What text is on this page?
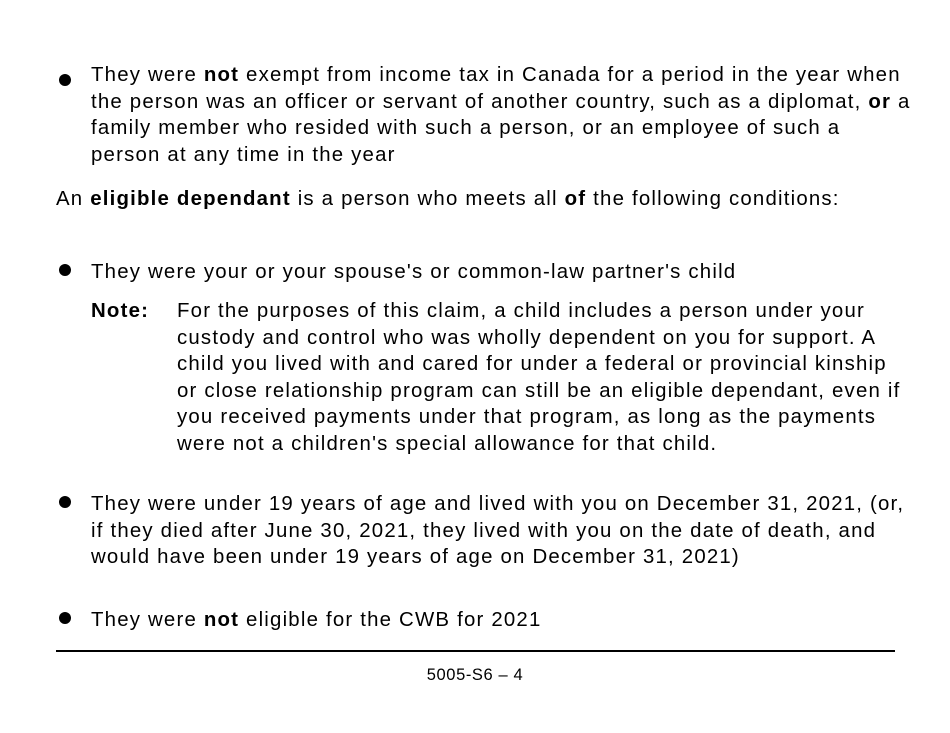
They were not exempt from income tax in Canada for a period in the year when the person was an officer or servant of another country, such as a diplomat, or a family member who resided with such a person, or an employee of such a person at any time in the year

An eligible dependant is a person who meets all of the following conditions:

They were your or your spouse's or common-law partner's child

Note: For the purposes of this claim, a child includes a person under your custody and control who was wholly dependent on you for support. A child you lived with and cared for under a federal or provincial kinship or close relationship program can still be an eligible dependant, even if you received payments under that program, as long as the payments were not a children's special allowance for that child.

They were under 19 years of age and lived with you on December 31, 2021, (or, if they died after June 30, 2021, they lived with you on the date of death, and would have been under 19 years of age on December 31, 2021)

They were not eligible for the CWB for 2021

5005-S6 – 4
